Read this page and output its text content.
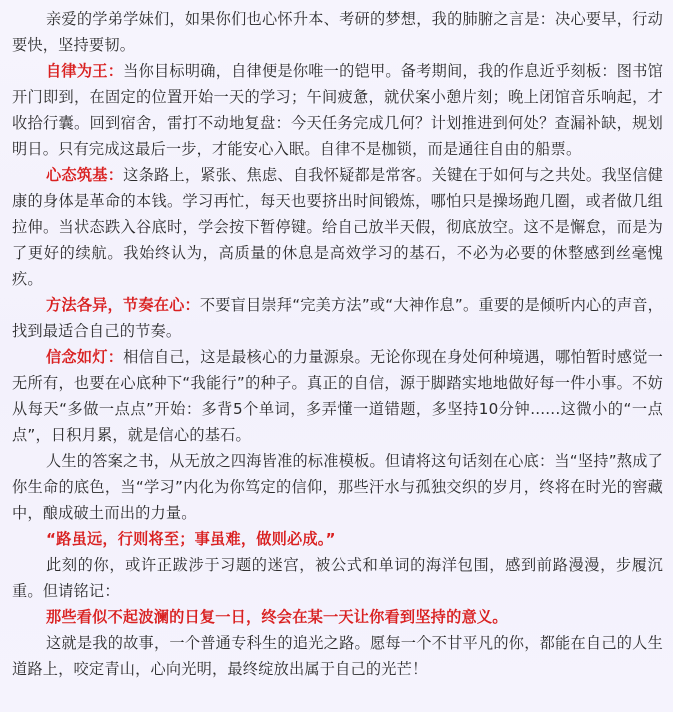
亲爱的学弟学妹们，如果你们也心怀升本、考研的梦想，我的肺腑之言是：决心要早，行动要快，坚持要韧。

自律为王：当你目标明确，自律便是你唯一的铠甲。备考期间，我的作息近乎刻板：图书馆开门即到，在固定的位置开始一天的学习；午间疲惫，就伏案小憩片刻；晚上闭馆音乐响起，才收拾行囊。回到宿舍，雷打不动地复盘：今天任务完成几何？计划推进到何处？查漏补缺，规划明日。只有完成这最后一步，才能安心入眠。自律不是枷锁，而是通往自由的船票。

心态筑基：这条路上，紧张、焦虑、自我怀疑都是常客。关键在于如何与之共处。我坚信健康的身体是革命的本钱。学习再忙，每天也要挤出时间锻炼，哪怕只是操场跑几圈，或者做几组拉伸。当状态跌入谷底时，学会按下暂停键。给自己放半天假，彻底放空。这不是懈怠，而是为了更好的续航。我始终认为，高质量的休息是高效学习的基石，不必为必要的休整感到丝毫愧疚。

方法各异，节奏在心：不要盲目崇拜“完美方法”或“大神作息”。重要的是倾听内心的声音，找到最适合自己的节奏。

信念如灯：相信自己，这是最核心的力量源泉。无论你现在身处何种境遇，哪怕暂时感觉一无所有，也要在心底种下“我能行”的种子。真正的自信，源于脚踏实地地做好每一件小事。不妨从每天“多做一点点”开始：多背5个单词，多弄懂一道错题，多坚持10分钟......这微小的“一点点”，日积月累，就是信心的基石。

人生的答案之书，从无放之四海皆准的标准模板。但请将这句话刻在心底：当“坚持”熬成了你生命的底色，当“学习”内化为你笃定的信仰，那些汗水与孤独交织的岁月，终将在时光的窖藏中，酿成破土而出的力量。

“路虽远，行则将至；事虽难，做则必成。”

此刻的你，或许正跋涉于习题的迷宫，被公式和单词的海洋包围，感到前路漫漫，步履沉重。但请铭记：

那些看似不起波澜的日复一日，终会在某一天让你看到坚持的意义。

这就是我的故事，一个普通专科生的追光之路。愿每一个不甘平凡的你，都能在自己的人生道路上，咬定青山，心向光明，最终绽放出属于自己的光芒！
